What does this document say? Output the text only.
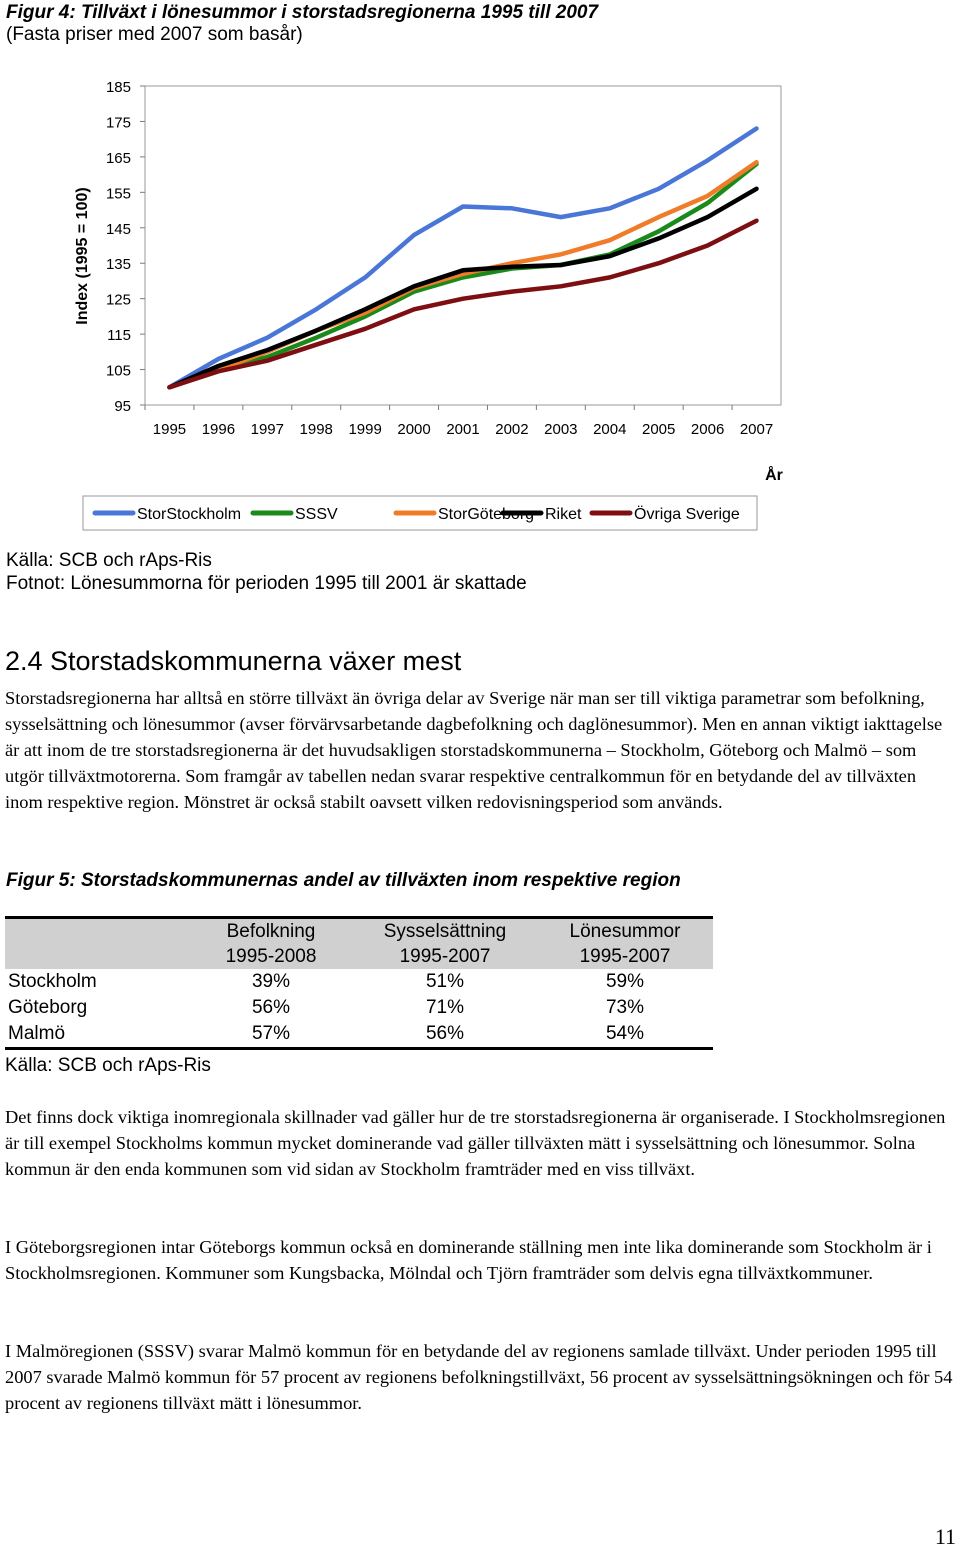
Figur 4: Tillväxt i lönesummor i storstadsregionerna 1995 till 2007
(Fasta priser med 2007 som basår)
95
105
115
125
135
145
155
165
175
185
1995 1996 1997 1998 1999 2000 2001 2002 2003 2004 2005 2006 2007
Index (1995 = 100)
År
StorStockholm	SSSV	StorGöteborg Riket	Övriga Sverige
Källa: SCB och rAps-Ris
Fotnot: Lönesummorna för perioden 1995 till 2001 är skattade
2.4 Storstadskommunerna växer mest

Storstadsregionerna har alltså en större tillväxt än övriga delar av Sverige när man ser till viktiga parametrar som befolkning, sysselsättning och lönesummor (avser förvärvsarbetande dagbefolkning och daglönesummor). Men en annan viktigt iakttagelse är att inom de tre storstadsregionerna är det huvudsakligen storstadskommunerna – Stockholm, Göteborg och Malmö – som utgör tillväxtmotorerna. Som framgår av tabellen nedan svarar respektive centralkommun för en betydande del av tillväxten inom respektive region. Mönstret är också stabilt oavsett vilken redovisningsperiod som används.

Figur 5: Storstadskommunernas andel av tillväxten inom respektive region
Befolkning
1995-2008
Sysselsättning
1995-2007
Lönesummor
1995-2007
Stockholm	39%	51%	59%
Göteborg	56%	71%	73%
Malmö	57%	56%	54%
Källa: SCB och rAps-Ris

Det finns dock viktiga inomregionala skillnader vad gäller hur de tre storstadsregionerna är organiserade. I Stockholmsregionen är till exempel Stockholms kommun mycket dominerande vad gäller tillväxten mätt i sysselsättning och lönesummor. Solna kommun är den enda kommunen som vid sidan av Stockholm framträder med en viss tillväxt.

I Göteborgsregionen intar Göteborgs kommun också en dominerande ställning men inte lika dominerande som Stockholm är i Stockholmsregionen. Kommuner som Kungsbacka, Mölndal och Tjörn framträder som delvis egna tillväxtkommuner.

I Malmöregionen (SSSV) svarar Malmö kommun för en betydande del av regionens samlade tillväxt. Under perioden 1995 till 2007 svarade Malmö kommun för 57 procent av regionens befolkningstillväxt, 56 procent av sysselsättningsökningen och för 54 procent av regionens tillväxt mätt i lönesummor.

11
